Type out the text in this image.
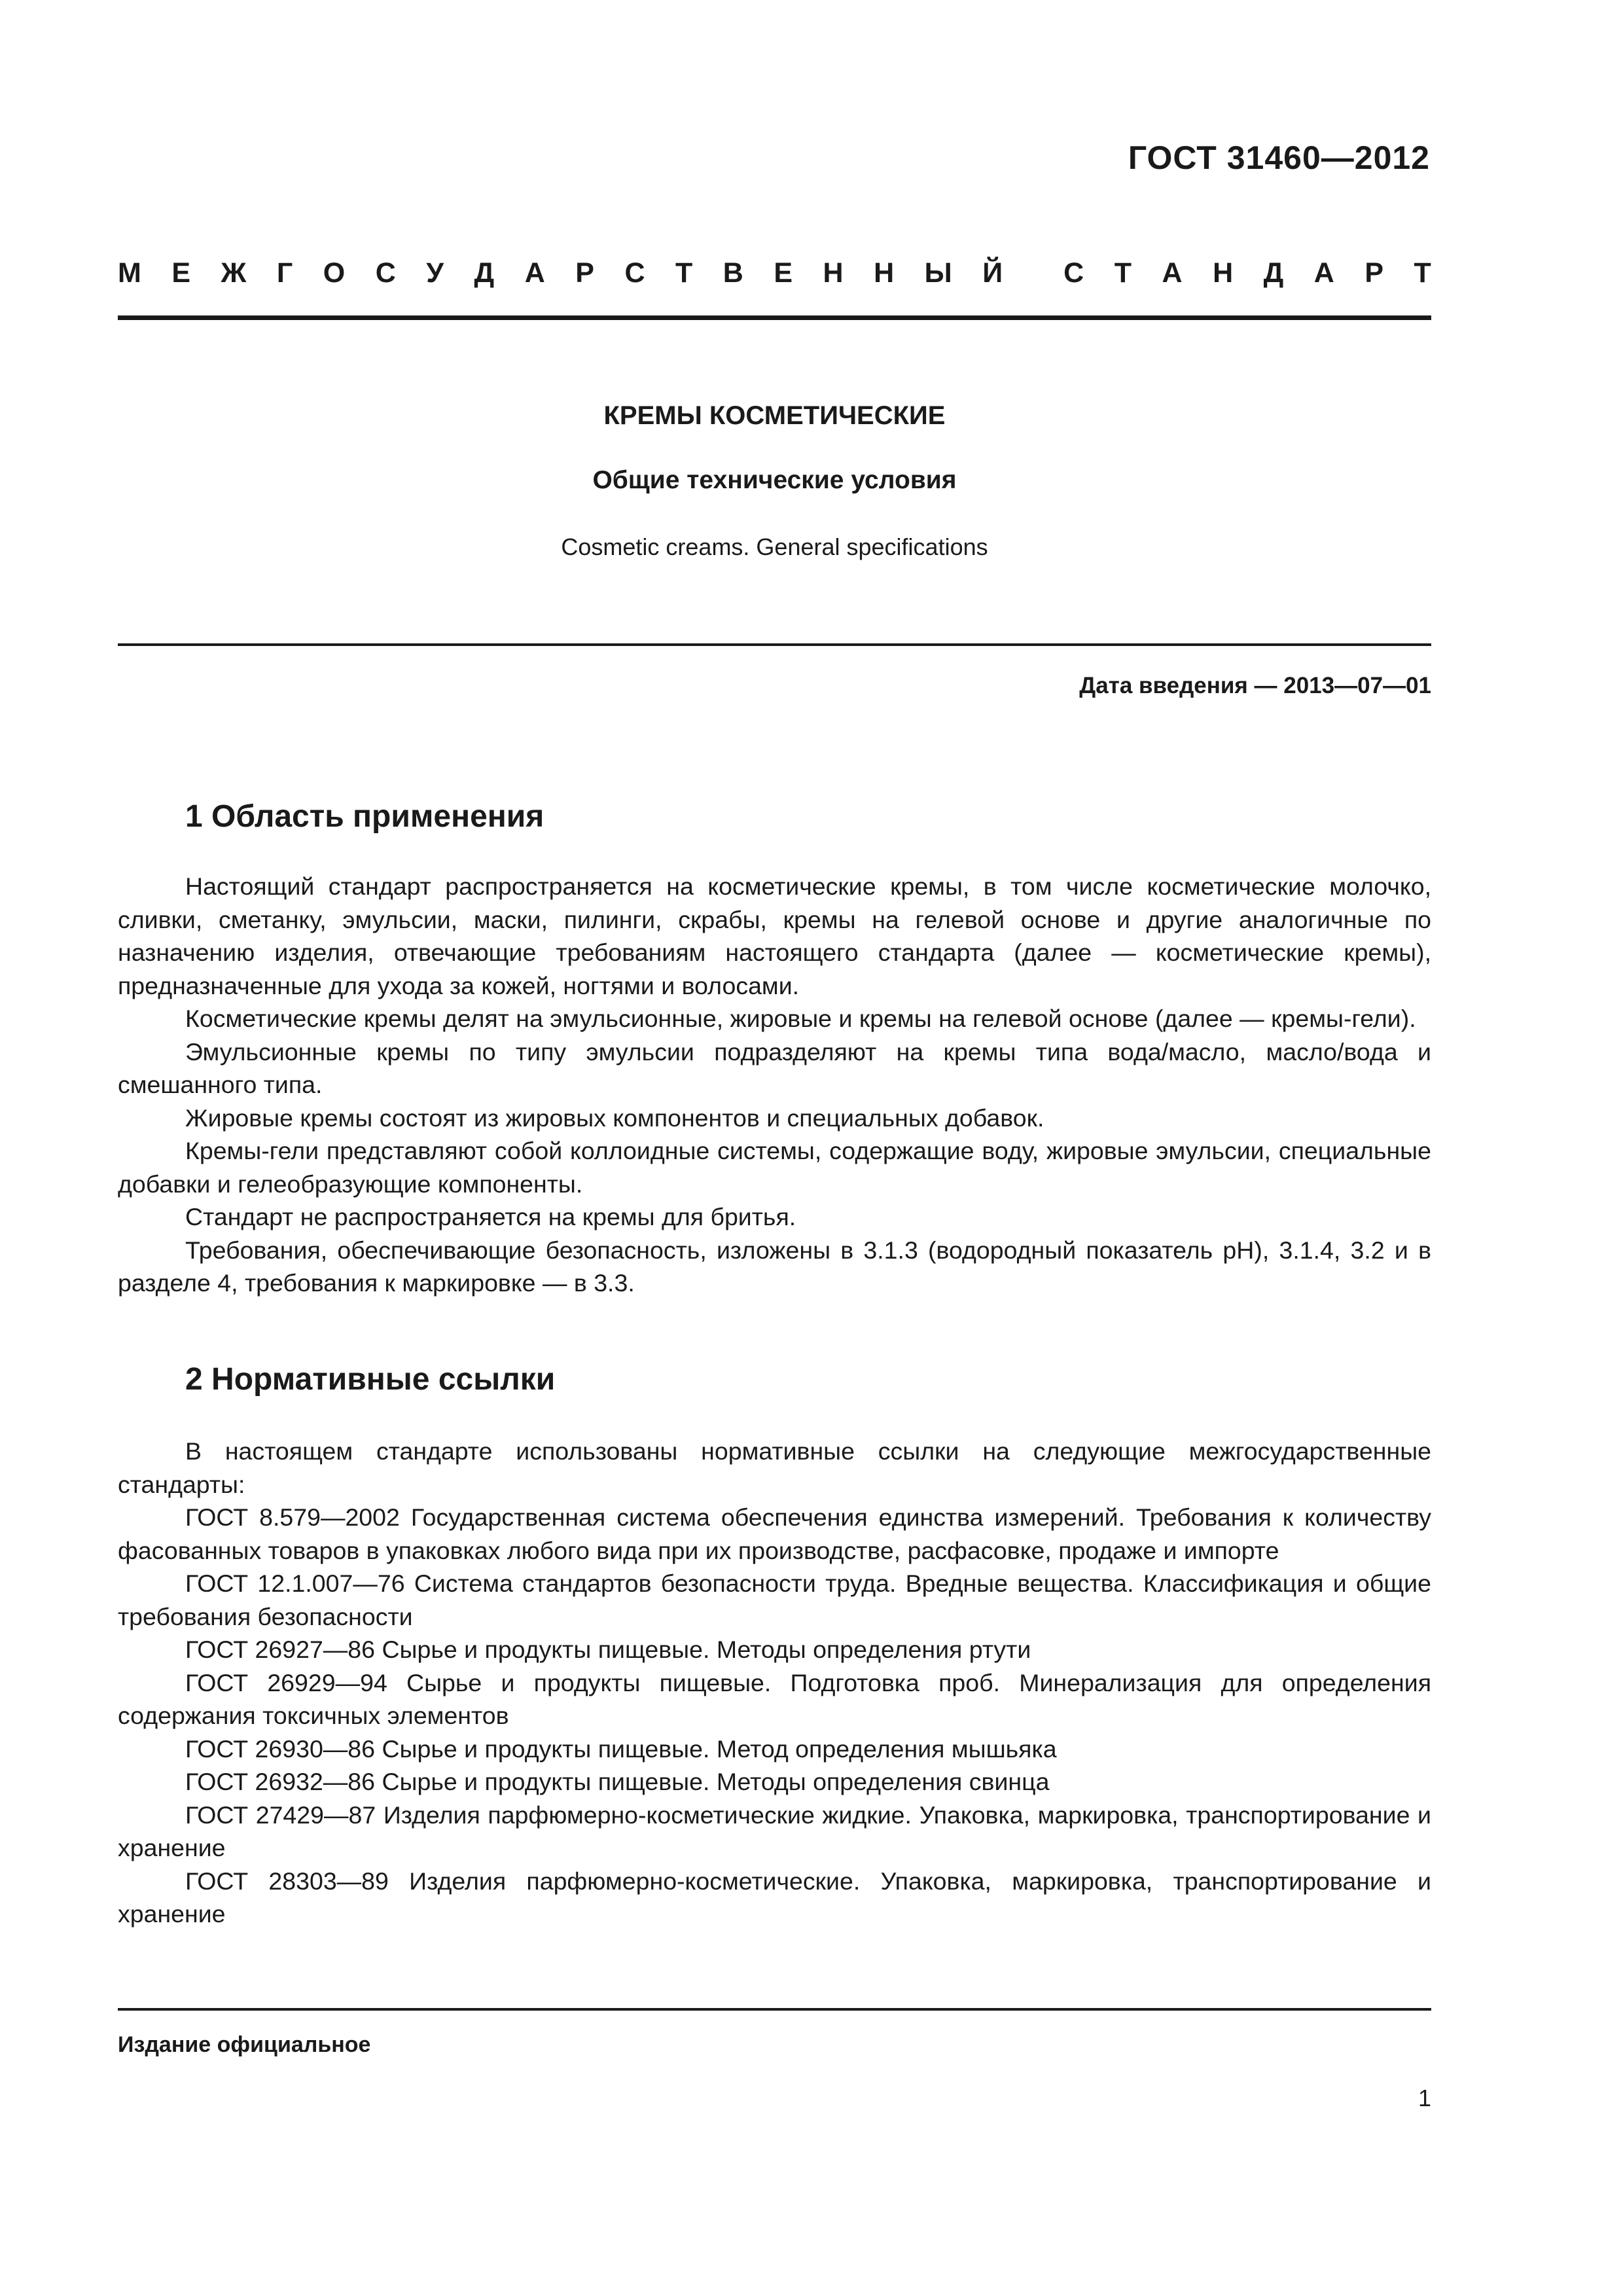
ГОСТ 31460—2012
М Е Ж Г О С У Д А Р С Т В Е Н Н Ы Й С Т А Н Д А Р Т
КРЕМЫ КОСМЕТИЧЕСКИЕ
Общие технические условия
Cosmetic creams. General specifications
Дата введения — 2013—07—01
1 Область применения

Настоящий стандарт распространяется на косметические кремы, в том числе косметические молочко, сливки, сметанку, эмульсии, маски, пилинги, скрабы, кремы на гелевой основе и другие аналогичные по назначению изделия, отвечающие требованиям настоящего стандарта (далее — косметические кремы), предназначенные для ухода за кожей, ногтями и волосами.

Косметические кремы делят на эмульсионные, жировые и кремы на гелевой основе (далее — кремы-гели).

Эмульсионные кремы по типу эмульсии подразделяют на кремы типа вода/масло, масло/вода и смешанного типа.

Жировые кремы состоят из жировых компонентов и специальных добавок.

Кремы-гели представляют собой коллоидные системы, содержащие воду, жировые эмульсии, специальные добавки и гелеобразующие компоненты.

Стандарт не распространяется на кремы для бритья.

Требования, обеспечивающие безопасность, изложены в 3.1.3 (водородный показатель рН), 3.1.4, 3.2 и в разделе 4, требования к маркировке — в 3.3.

2 Нормативные ссылки

В настоящем стандарте использованы нормативные ссылки на следующие межгосударственные стандарты:

ГОСТ 8.579—2002 Государственная система обеспечения единства измерений. Требования к количеству фасованных товаров в упаковках любого вида при их производстве, расфасовке, продаже и импорте

ГОСТ 12.1.007—76 Система стандартов безопасности труда. Вредные вещества. Классификация и общие требования безопасности

ГОСТ 26927—86 Сырье и продукты пищевые. Методы определения ртути

ГОСТ 26929—94 Сырье и продукты пищевые. Подготовка проб. Минерализация для определения содержания токсичных элементов

ГОСТ 26930—86 Сырье и продукты пищевые. Метод определения мышьяка

ГОСТ 26932—86 Сырье и продукты пищевые. Методы определения свинца

ГОСТ 27429—87 Изделия парфюмерно-косметические жидкие. Упаковка, маркировка, транспортирование и хранение

ГОСТ 28303—89 Изделия парфюмерно-косметические. Упаковка, маркировка, транспортирование и хранение

Издание официальное
1
